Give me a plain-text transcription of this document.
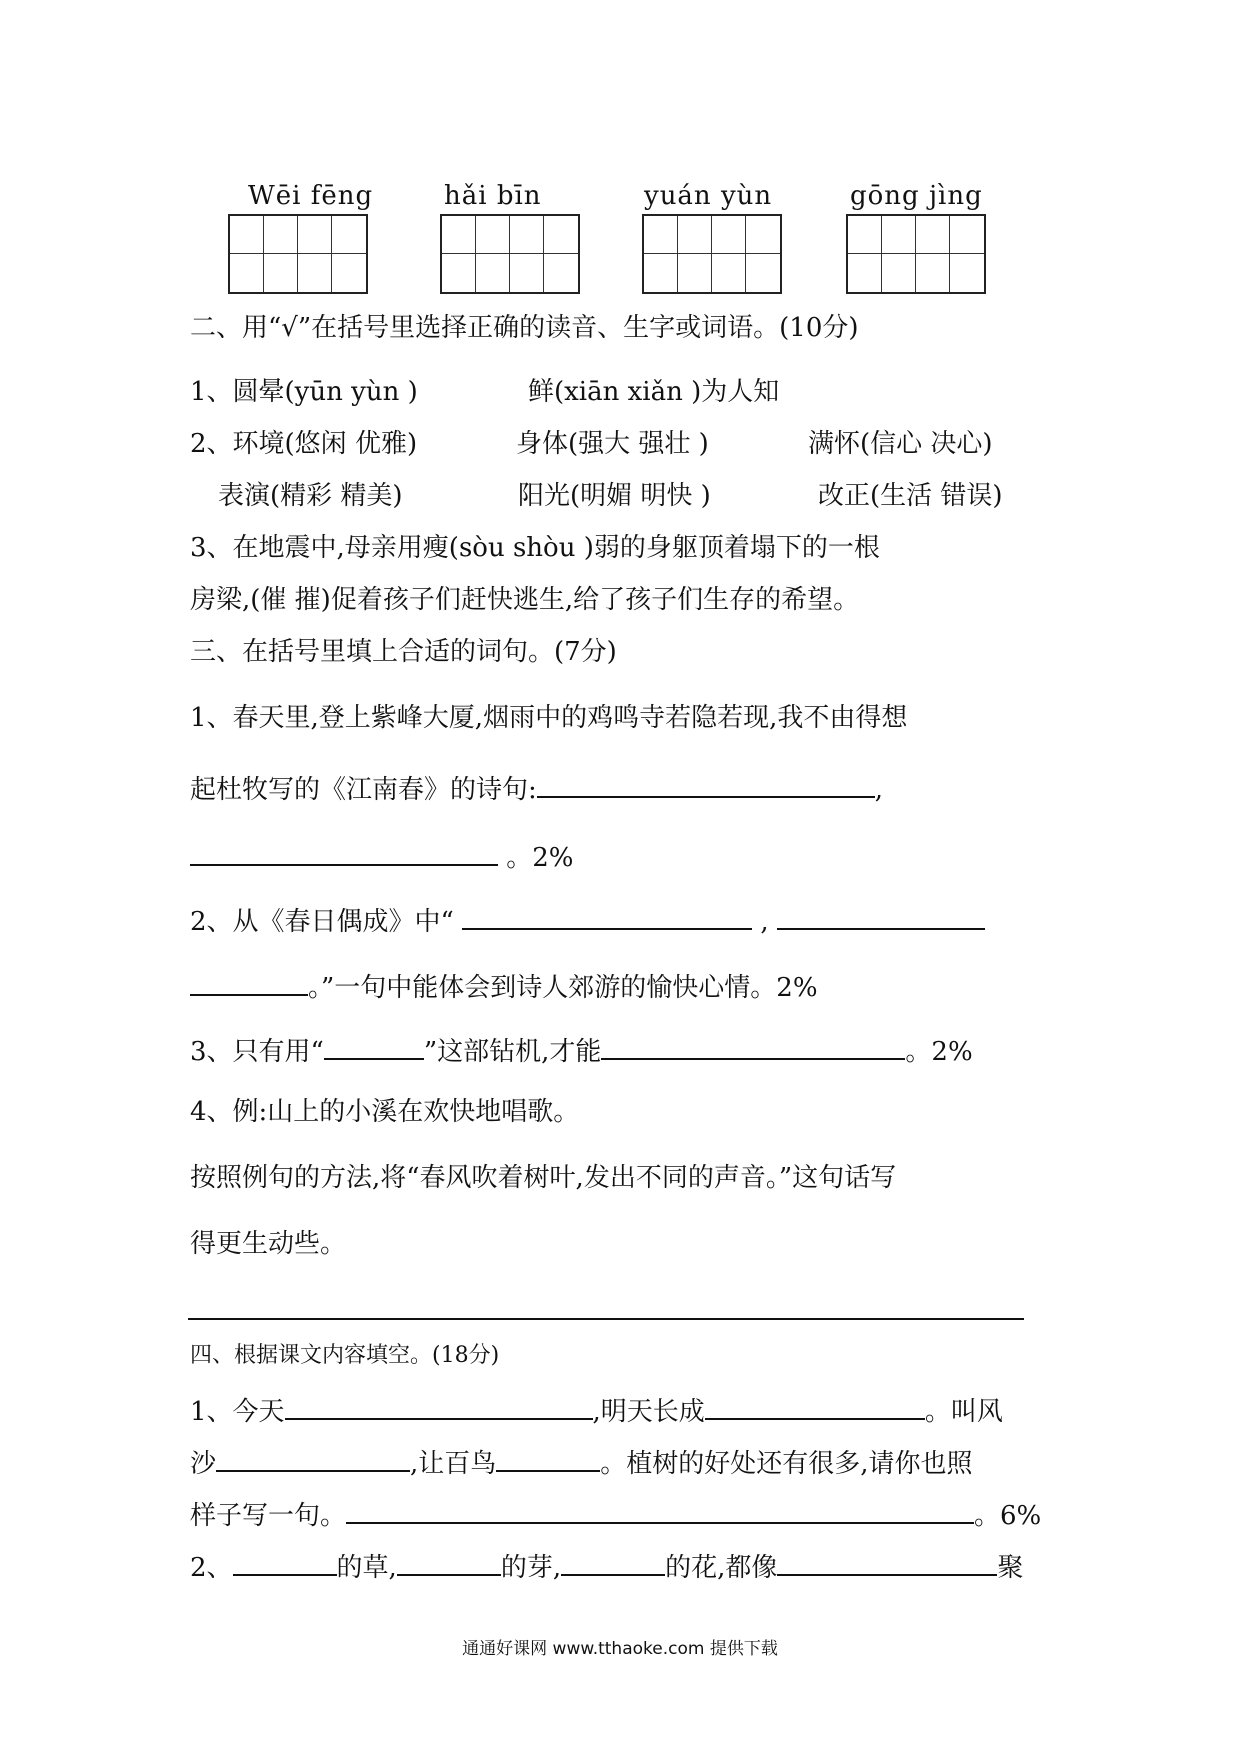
Wēi fēng	hǎi bīn	yuán yùn	gōng jìng
二、用“√”在括号里选择正确的读音、生字或词语。(10分)
1、圆晕(yūn yùn )	鲜(xiān xiǎn )为人知
2、环境(悠闲 优雅)	身体(强大 强壮 )	满怀(信心 决心)
表演(精彩 精美)	阳光(明媚 明快 )	改正(生活 错误)
3、在地震中,母亲用瘦(sòu shòu )弱的身躯顶着塌下的一根
房梁,(催 摧)促着孩子们赶快逃生,给了孩子们生存的希望。
三、在括号里填上合适的词句。(7分)
1、春天里,登上紫峰大厦,烟雨中的鸡鸣寺若隐若现,我不由得想
起杜牧写的《江南春》的诗句:	,
。2%
2、从《春日偶成》中“	,
。”一句中能体会到诗人郊游的愉快心情。2%
3、只有用“	”这部钻机,才能	。2%
4、例:山上的小溪在欢快地唱歌。
按照例句的方法,将“春风吹着树叶,发出不同的声音。”这句话写
得更生动些。
四、根据课文内容填空。(18分)
1、今天	,明天长成	。叫风
沙	,让百鸟	。植树的好处还有很多,请你也照
样子写一句。	。6%
2、	的草,	的芽,	的花,都像	聚
通通好课网 www.tthaoke.com 提供下载
